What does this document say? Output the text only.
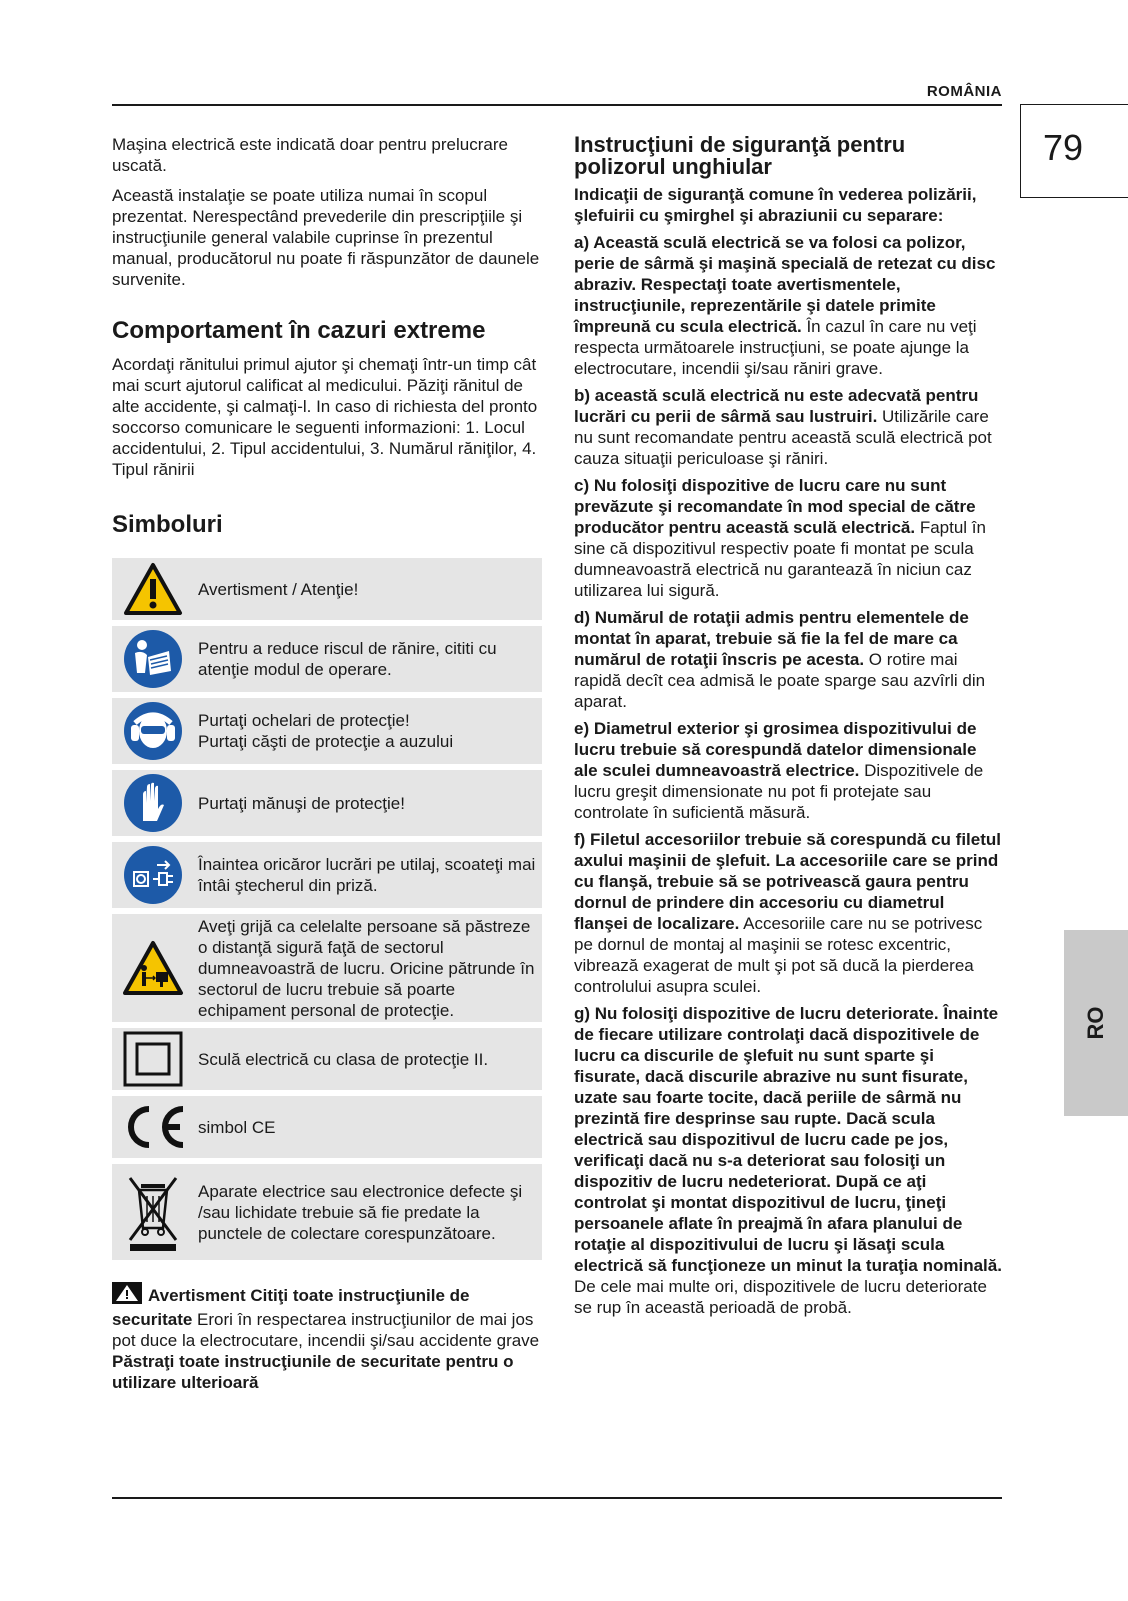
ROMÂNIA
79
RO

Maşina electrică este indicată doar pentru prelucrare uscată.

Această instalaţie se poate utiliza numai în scopul prezentat. Nerespectând prevederile din prescripţiile şi instrucţiunile general valabile cuprinse în prezentul manual, producătorul nu poate fi răspunzător de daunele survenite.

Comportament în cazuri extreme

Acordaţi rănitului primul ajutor şi chemaţi într-un timp cât mai scurt ajutorul calificat al medicului. Păziţi rănitul de alte accidente, şi calmaţi-l. In caso di richiesta del pronto soccorso comunicare le seguenti informazioni: 1. Locul accidentului, 2. Tipul accidentului, 3. Numărul răniţilor, 4. Tipul rănirii

Simboluri
Avertisment / Atenţie!
Pentru a reduce riscul de rănire, cititi cu atenţie modul de operare.
Purtaţi ochelari de protecţie!
Purtaţi căşti de protecţie a auzului
Purtaţi mănuşi de protecţie!
Înaintea oricăror lucrări pe utilaj, scoateţi mai întâi ştecherul din priză.
Aveţi grijă ca celelalte persoane să păstreze o distanţă sigură faţă de sectorul dumneavoastră de lucru. Oricine pătrunde în sectorul de lucru trebuie să poarte echipament personal de protecţie.
Sculă electrică cu clasa de protecţie II.
simbol CE
Aparate electrice sau electronice defecte şi /sau lichidate trebuie să fie predate la punctele de colectare corespunzătoare.

Avertisment Citiţi toate instrucţiunile de securitate Erori în respectarea instrucţiunilor de mai jos pot duce la electrocutare, incendii şi/sau accidente grave

Păstraţi toate instrucţiunile de securitate pentru o utilizare ulterioară

Instrucţiuni de siguranţă pentru polizorul unghiular

Indicaţii de siguranţă comune în vederea polizării, şlefuirii cu şmirghel şi abraziunii cu separare:

a) Această sculă electrică se va folosi ca polizor, perie de sârmă şi maşină specială de retezat cu disc abraziv. Respectaţi toate avertismentele, instrucţiunile, reprezentările şi datele primite împreună cu scula electrică. În cazul în care nu veţi respecta următoarele instrucţiuni, se poate ajunge la electrocutare, incendii şi/sau răniri grave.

b) această sculă electrică nu este adecvată pentru lucrări cu perii de sârmă sau lustruiri. Utilizările care nu sunt recomandate pentru această sculă electrică pot cauza situaţii periculoase şi răniri.

c) Nu folosiţi dispozitive de lucru care nu sunt prevăzute şi recomandate în mod special de către producător pentru această sculă electrică. Faptul în sine că dispozitivul respectiv poate fi montat pe scula dumneavoastră electrică nu garantează în niciun caz utilizarea lui sigură.

d) Numărul de rotaţii admis pentru elementele de montat în aparat, trebuie să fie la fel de mare ca numărul de rotaţii înscris pe acesta. O rotire mai rapidă decît cea admisă le poate sparge sau azvîrli din aparat.

e) Diametrul exterior şi grosimea dispozitivului de lucru trebuie să corespundă datelor dimensionale ale sculei dumneavoastră electrice. Dispozitivele de lucru greşit dimensionate nu pot fi protejate sau controlate în suficientă măsură.

f) Filetul accesoriilor trebuie să corespundă cu filetul axului maşinii de şlefuit. La accesoriile care se prind cu flanşă, trebuie să se potrivească gaura pentru dornul de prindere din accesoriu cu diametrul flanşei de localizare. Accesoriile care nu se potrivesc pe dornul de montaj al maşinii se rotesc excentric, vibrează exagerat de mult şi pot să ducă la pierderea controlului asupra sculei.

g) Nu folosiţi dispozitive de lucru deteriorate. Înainte de fiecare utilizare controlaţi dacă dispozitivele de lucru ca discurile de şlefuit nu sunt sparte şi fisurate, dacă discurile abrazive nu sunt fisurate, uzate sau foarte tocite, dacă periile de sârmă nu prezintă fire desprinse sau rupte. Dacă scula electrică sau dispozitivul de lucru cade pe jos, verificaţi dacă nu s-a deteriorat sau folosiţi un dispozitiv de lucru nedeteriorat. După ce aţi controlat şi montat dispozitivul de lucru, ţineţi persoanele aflate în preajmă în afara planului de rotaţie al dispozitivului de lucru şi lăsaţi scula electrică să funcţioneze un minut la turaţia nominală. De cele mai multe ori, dispozitivele de lucru deteriorate se rup în această perioadă de probă.
